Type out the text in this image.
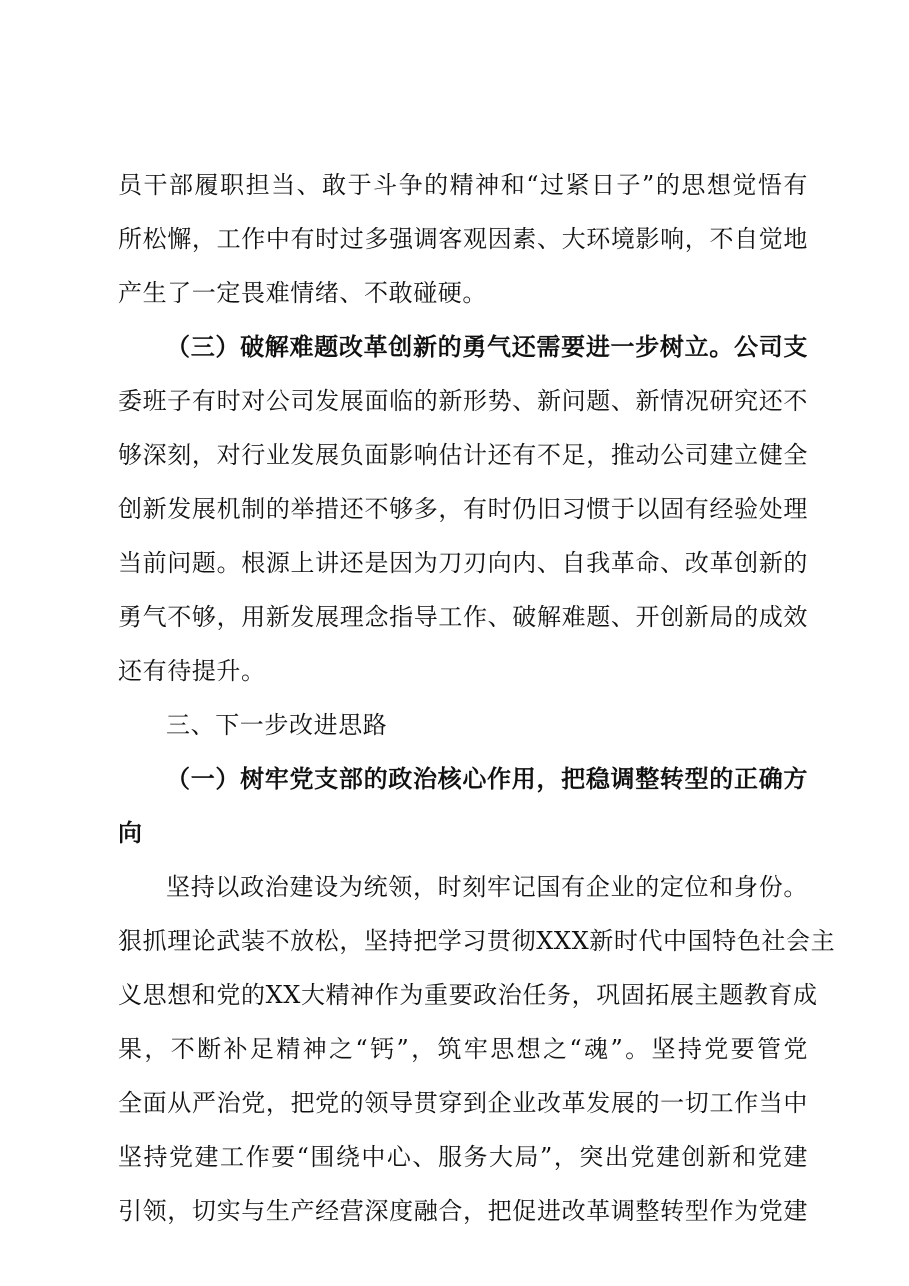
员干部履职担当、敢于斗争的精神和“过紧日子”的思想觉悟有
所松懈，工作中有时过多强调客观因素、大环境影响，不自觉地
产生了一定畏难情绪、不敢碰硬。
（三）破解难题改革创新的勇气还需要进一步树立。公司支
委班子有时对公司发展面临的新形势、新问题、新情况研究还不
够深刻，对行业发展负面影响估计还有不足，推动公司建立健全
创新发展机制的举措还不够多，有时仍旧习惯于以固有经验处理
当前问题。根源上讲还是因为刀刃向内、自我革命、改革创新的
勇气不够，用新发展理念指导工作、破解难题、开创新局的成效
还有待提升。
三、下一步改进思路
（一）树牢党支部的政治核心作用，把稳调整转型的正确方
向
坚持以政治建设为统领，时刻牢记国有企业的定位和身份。
狠抓理论武装不放松，坚持把学习贯彻XXX新时代中国特色社会主
义思想和党的XX大精神作为重要政治任务，巩固拓展主题教育成
果，不断补足精神之“钙”，筑牢思想之“魂”。坚持党要管党
全面从严治党，把党的领导贯穿到企业改革发展的一切工作当中
坚持党建工作要“围绕中心、服务大局”，突出党建创新和党建
引领，切实与生产经营深度融合，把促进改革调整转型作为党建
